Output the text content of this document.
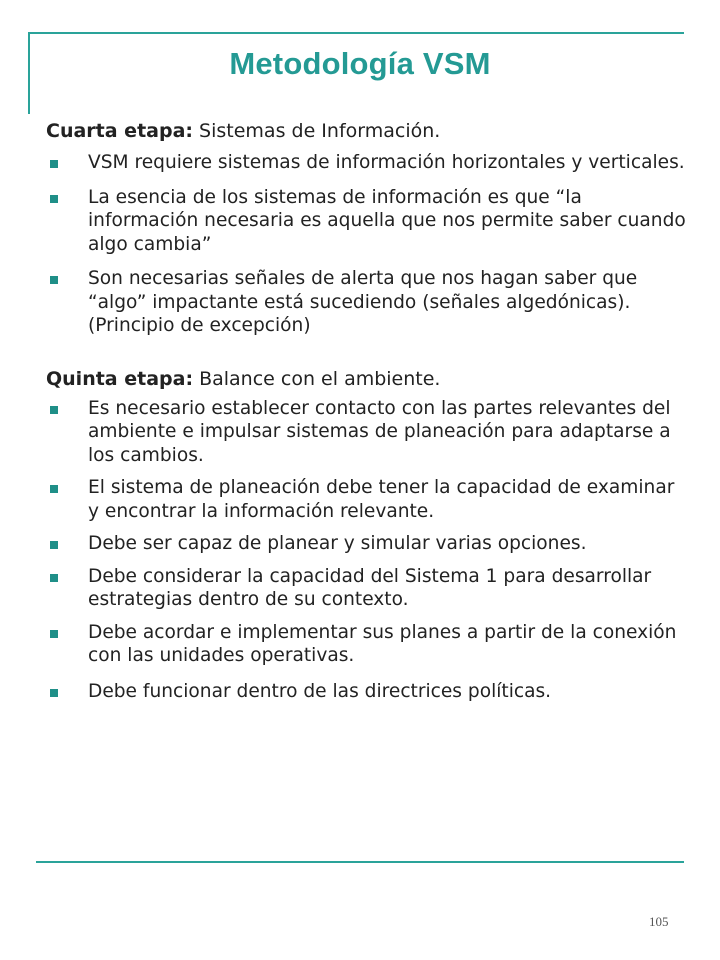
Metodología VSM

Cuarta etapa: Sistemas de Información.

VSM requiere sistemas de información horizontales y verticales.
La esencia de los sistemas de información es que “la información necesaria es aquella que nos permite saber cuando algo cambia”
Son necesarias señales de alerta que nos hagan saber que “algo” impactante está sucediendo (señales algedónicas). (Principio de excepción)

Quinta etapa: Balance con el ambiente.

Es necesario establecer contacto con las partes relevantes del ambiente e impulsar sistemas de planeación para adaptarse a los cambios.
El sistema de planeación debe tener la capacidad de examinar y encontrar la información relevante.
Debe ser capaz de planear y simular varias opciones.
Debe considerar la capacidad del Sistema 1 para desarrollar estrategias dentro de su contexto.
Debe acordar e implementar sus planes a partir de la conexión con las unidades operativas.
Debe funcionar dentro de las directrices políticas.
105
